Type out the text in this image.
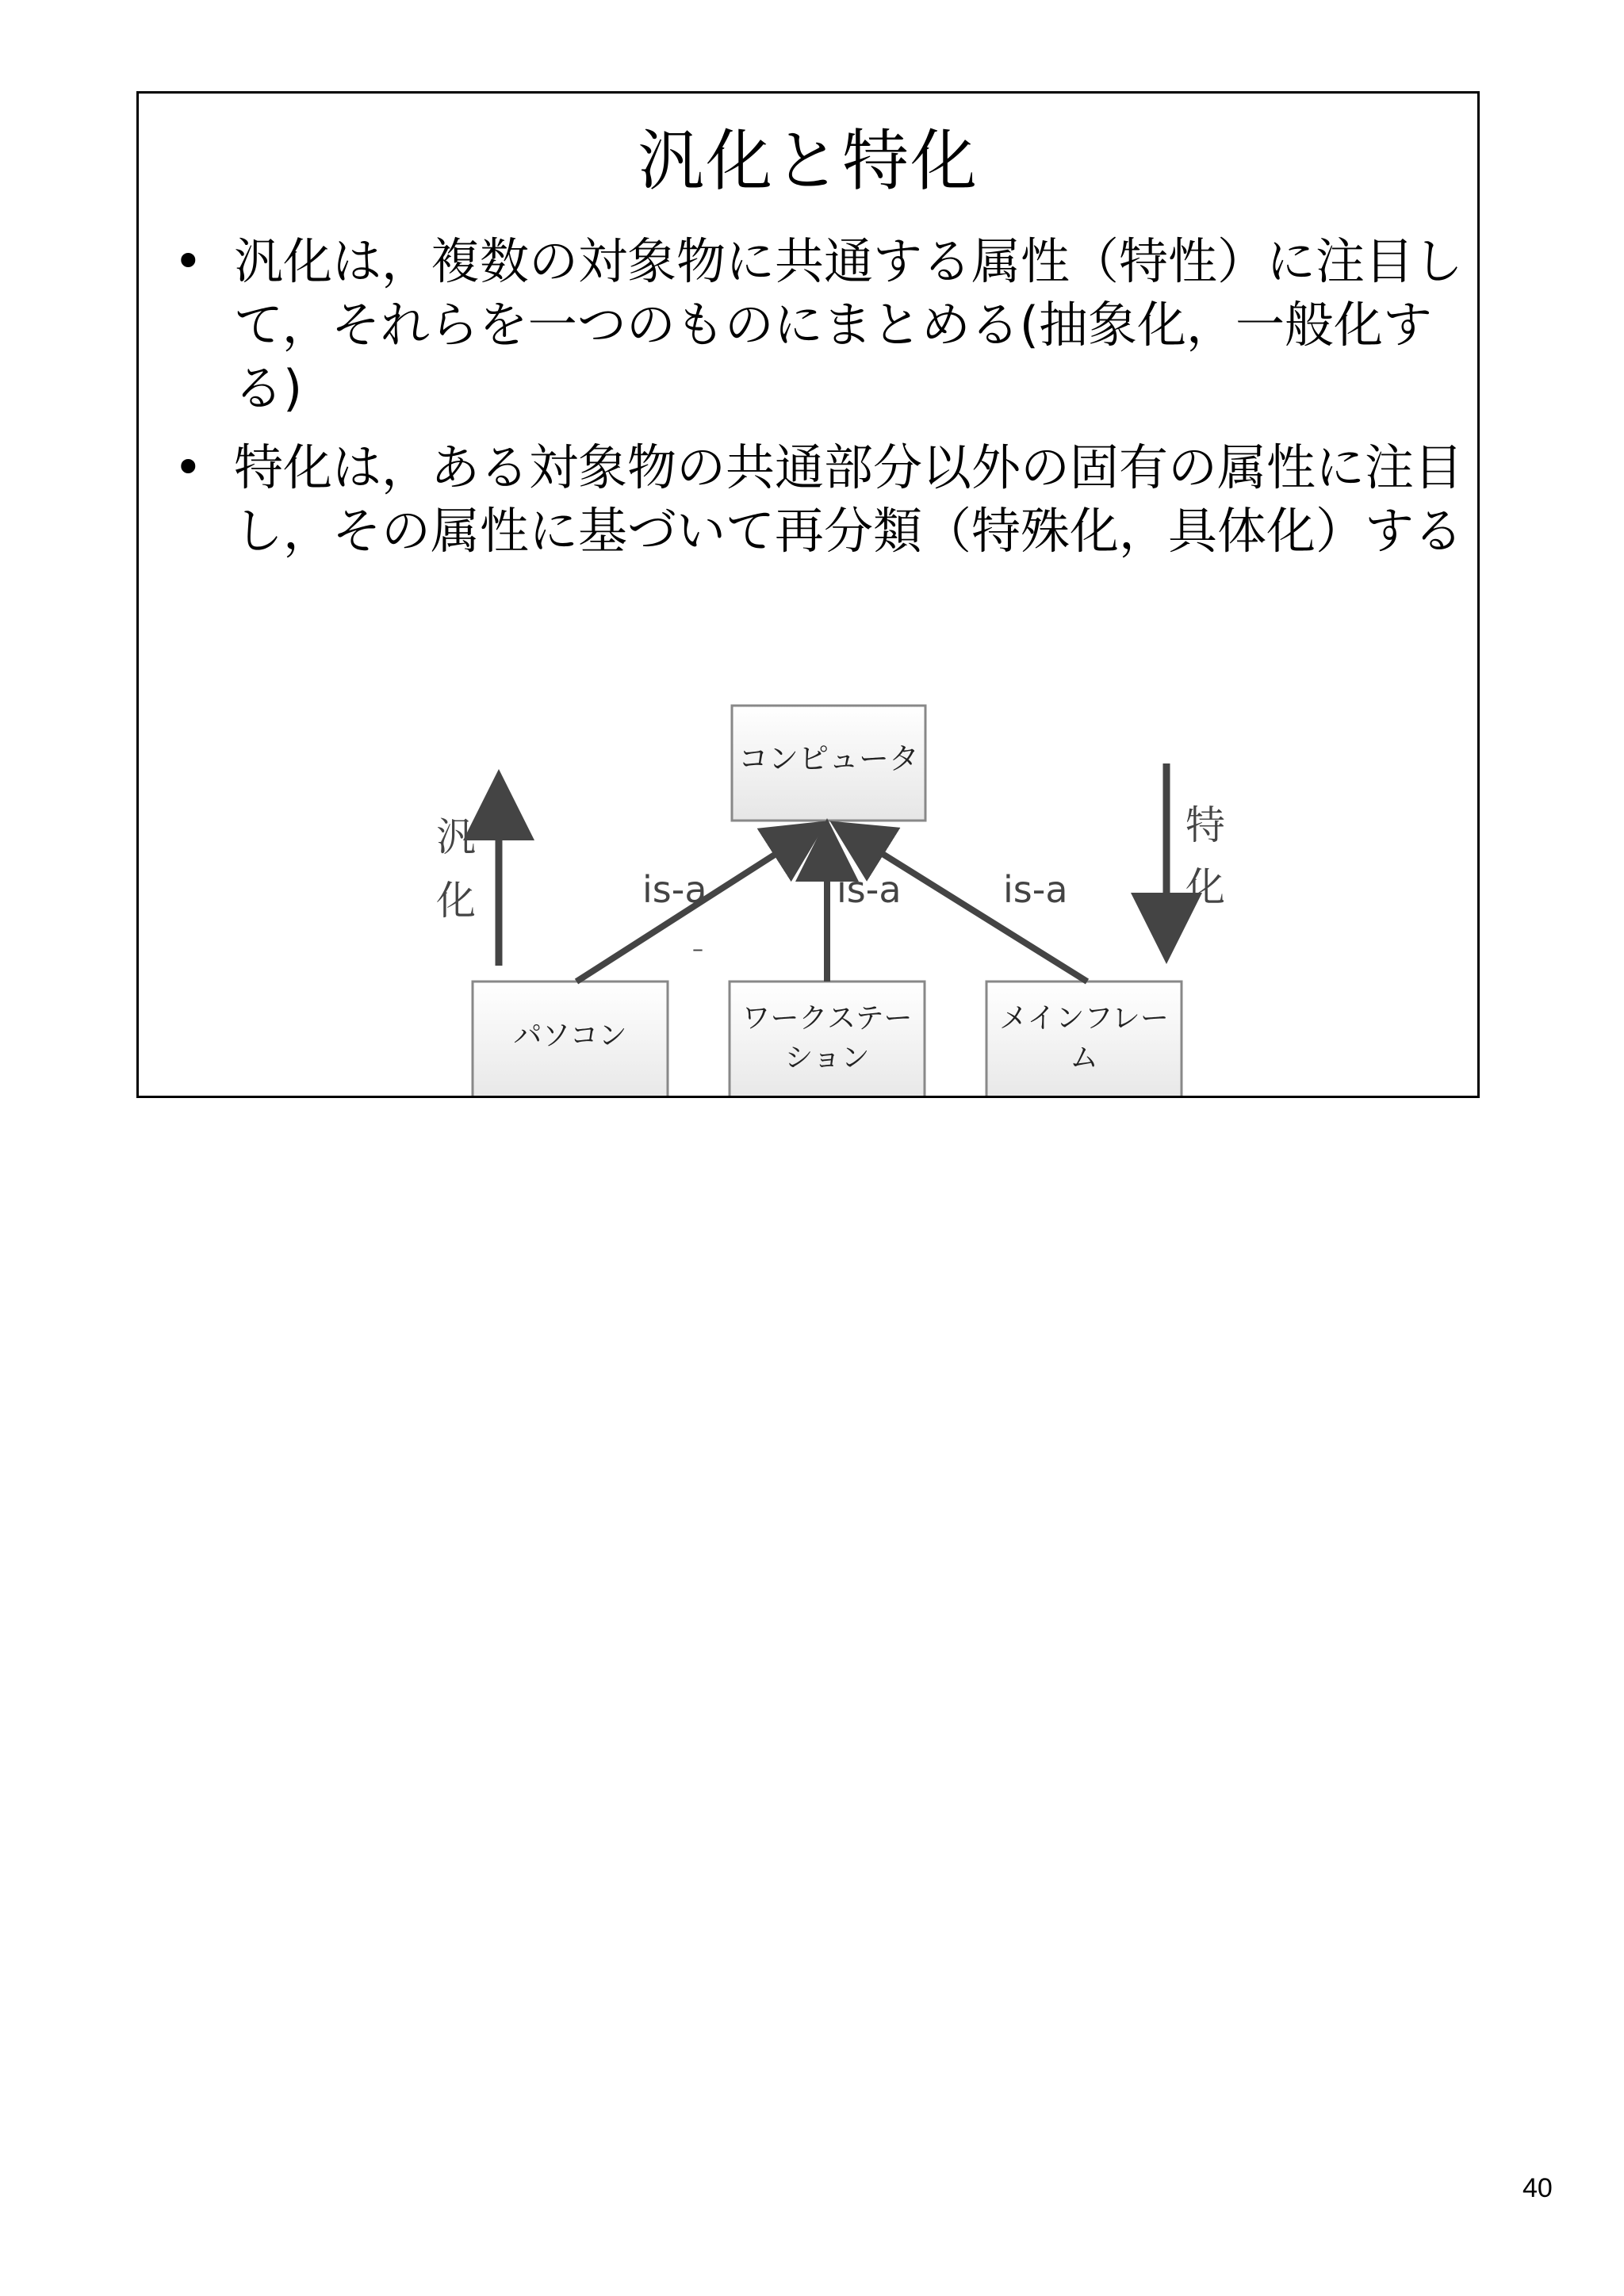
汎化と特化
• 汎化は，複数の対象物に共通する属性（特性）に注目して，それらを一つのものにまとめる(抽象化，一般化する)
• 特化は，ある対象物の共通部分以外の固有の属性に注目し，その属性に基づいて再分類（特殊化，具体化）する
コンピュータ
パソコン
ワークステー
ション
メインフレー
ム
is-a	is-a	is-a
–
汎
化
特
化
40
